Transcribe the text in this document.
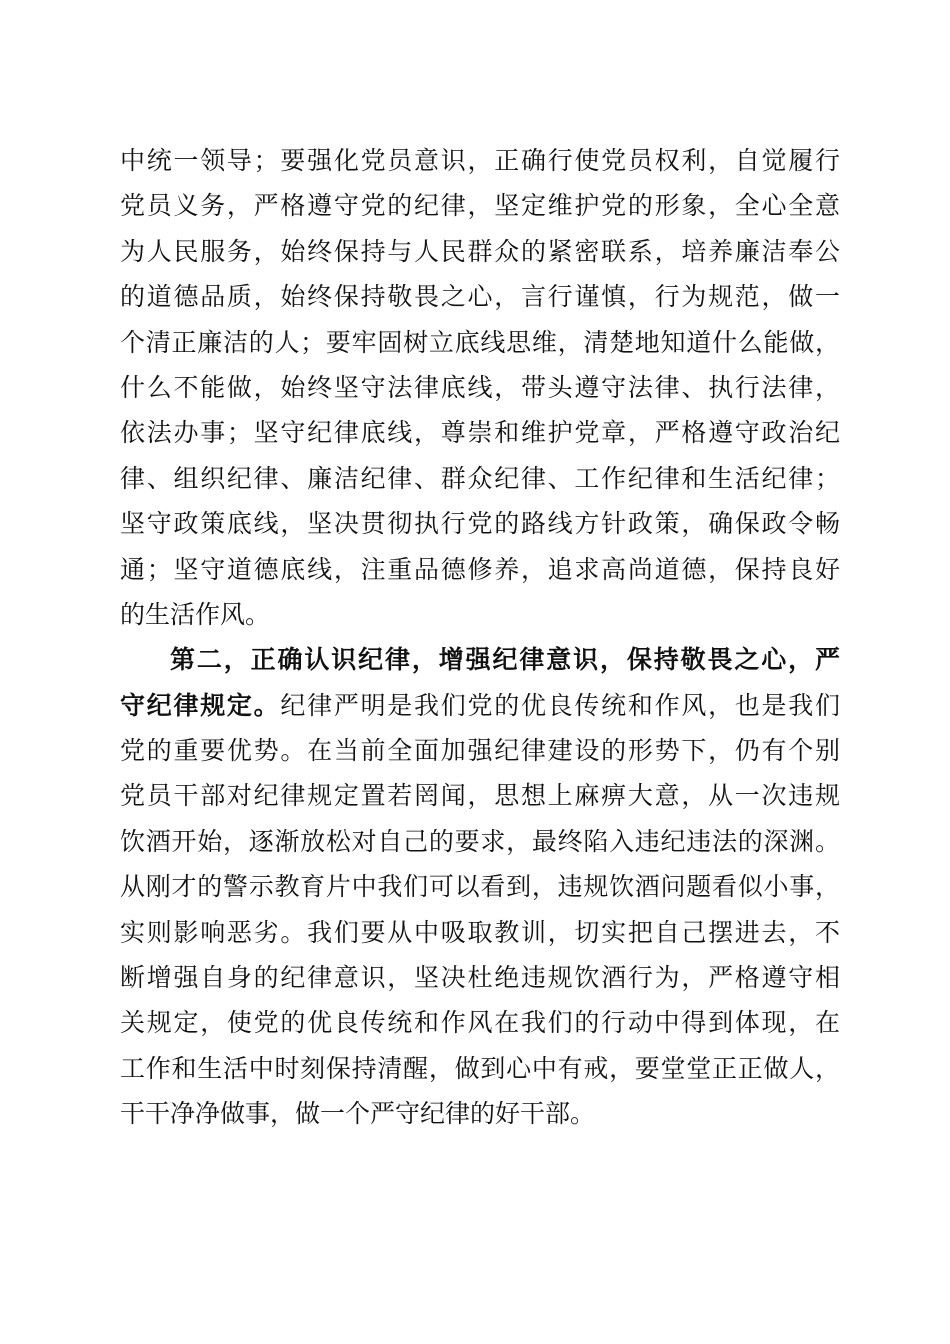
中统一领导；要强化党员意识，正确行使党员权利，自觉履行
党员义务，严格遵守党的纪律，坚定维护党的形象，全心全意
为人民服务，始终保持与人民群众的紧密联系，培养廉洁奉公
的道德品质，始终保持敬畏之心，言行谨慎，行为规范，做一
个清正廉洁的人；要牢固树立底线思维，清楚地知道什么能做，
什么不能做，始终坚守法律底线，带头遵守法律、执行法律，
依法办事；坚守纪律底线，尊崇和维护党章，严格遵守政治纪
律、组织纪律、廉洁纪律、群众纪律、工作纪律和生活纪律；
坚守政策底线，坚决贯彻执行党的路线方针政策，确保政令畅
通；坚守道德底线，注重品德修养，追求高尚道德，保持良好
的生活作风。
第二，正确认识纪律，增强纪律意识，保持敬畏之心，严
守纪律规定。纪律严明是我们党的优良传统和作风，也是我们
党的重要优势。在当前全面加强纪律建设的形势下，仍有个别
党员干部对纪律规定置若罔闻，思想上麻痹大意，从一次违规
饮酒开始，逐渐放松对自己的要求，最终陷入违纪违法的深渊。
从刚才的警示教育片中我们可以看到，违规饮酒问题看似小事，
实则影响恶劣。我们要从中吸取教训，切实把自己摆进去，不
断增强自身的纪律意识，坚决杜绝违规饮酒行为，严格遵守相
关规定，使党的优良传统和作风在我们的行动中得到体现，在
工作和生活中时刻保持清醒，做到心中有戒，要堂堂正正做人，
干干净净做事，做一个严守纪律的好干部。
